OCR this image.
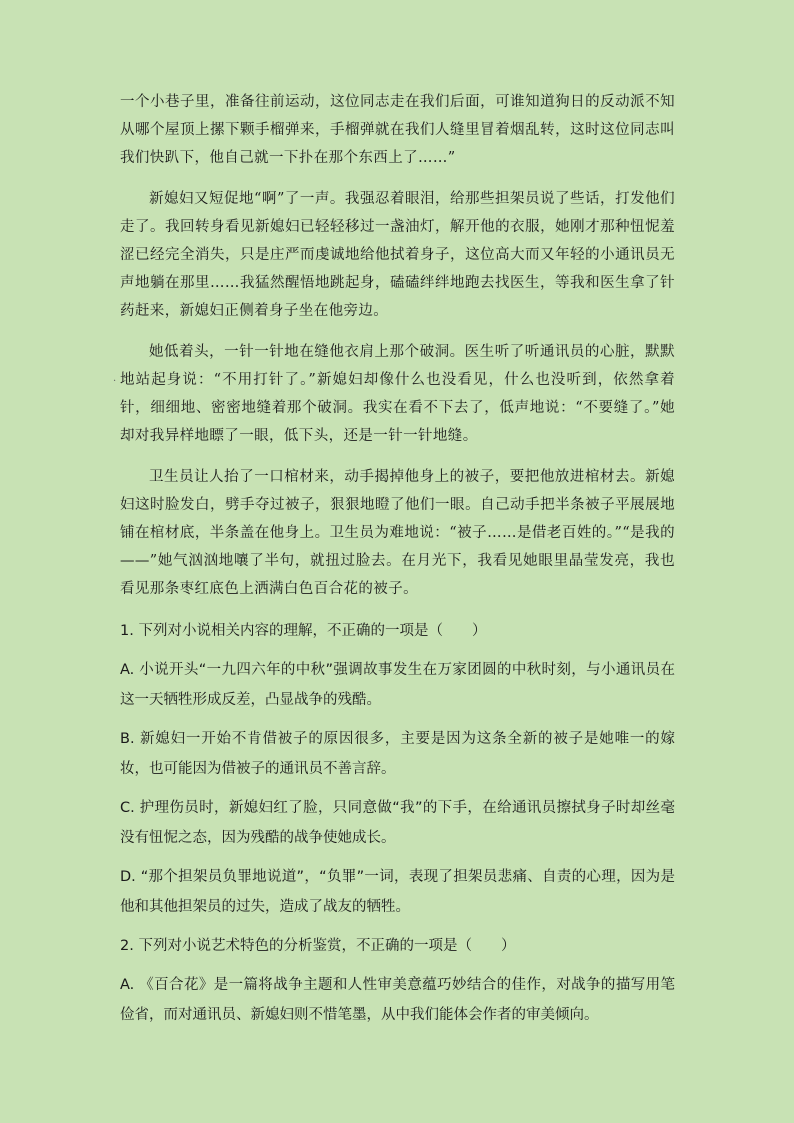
·

一个小巷子里，准备往前运动，这位同志走在我们后面，可谁知道狗日的反动派不知从哪个屋顶上摞下颗手榴弹来，手榴弹就在我们人缝里冒着烟乱转，这时这位同志叫我们快趴下，他自己就一下扑在那个东西上了……”

新媳妇又短促地“啊”了一声。我强忍着眼泪，给那些担架员说了些话，打发他们走了。我回转身看见新媳妇已轻轻移过一盏油灯，解开他的衣服，她刚才那种忸怩羞涩已经完全消失，只是庄严而虔诚地给他拭着身子，这位高大而又年轻的小通讯员无声地躺在那里……我猛然醒悟地跳起身，磕磕绊绊地跑去找医生，等我和医生拿了针药赶来，新媳妇正侧着身子坐在他旁边。

她低着头，一针一针地在缝他衣肩上那个破洞。医生听了听通讯员的心脏，默默地站起身说：“不用打针了。”新媳妇却像什么也没看见，什么也没听到，依然拿着针，细细地、密密地缝着那个破洞。我实在看不下去了，低声地说：“不要缝了。”她却对我异样地瞟了一眼，低下头，还是一针一针地缝。

卫生员让人抬了一口棺材来，动手揭掉他身上的被子，要把他放进棺材去。新媳妇这时脸发白，劈手夺过被子，狠狠地瞪了他们一眼。自己动手把半条被子平展展地铺在棺材底，半条盖在他身上。卫生员为难地说：“被子……是借老百姓的。”“是我的——”她气汹汹地嚷了半句，就扭过脸去。在月光下，我看见她眼里晶莹发亮，我也看见那条枣红底色上洒满白色百合花的被子。

1. 下列对小说相关内容的理解，不正确的一项是（　　）

A. 小说开头“一九四六年的中秋”强调故事发生在万家团圆的中秋时刻，与小通讯员在这一天牺牲形成反差，凸显战争的残酷。

B. 新媳妇一开始不肯借被子的原因很多，主要是因为这条全新的被子是她唯一的嫁妆，也可能因为借被子的通讯员不善言辞。

C. 护理伤员时，新媳妇红了脸，只同意做“我”的下手，在给通讯员擦拭身子时却丝毫没有忸怩之态，因为残酷的战争使她成长。

D. “那个担架员负罪地说道”，“负罪”一词，表现了担架员悲痛、自责的心理，因为是他和其他担架员的过失，造成了战友的牺牲。

2. 下列对小说艺术特色的分析鉴赏，不正确的一项是（　　）

A. 《百合花》是一篇将战争主题和人性审美意蕴巧妙结合的佳作，对战争的描写用笔俭省，而对通讯员、新媳妇则不惜笔墨，从中我们能体会作者的审美倾向。
